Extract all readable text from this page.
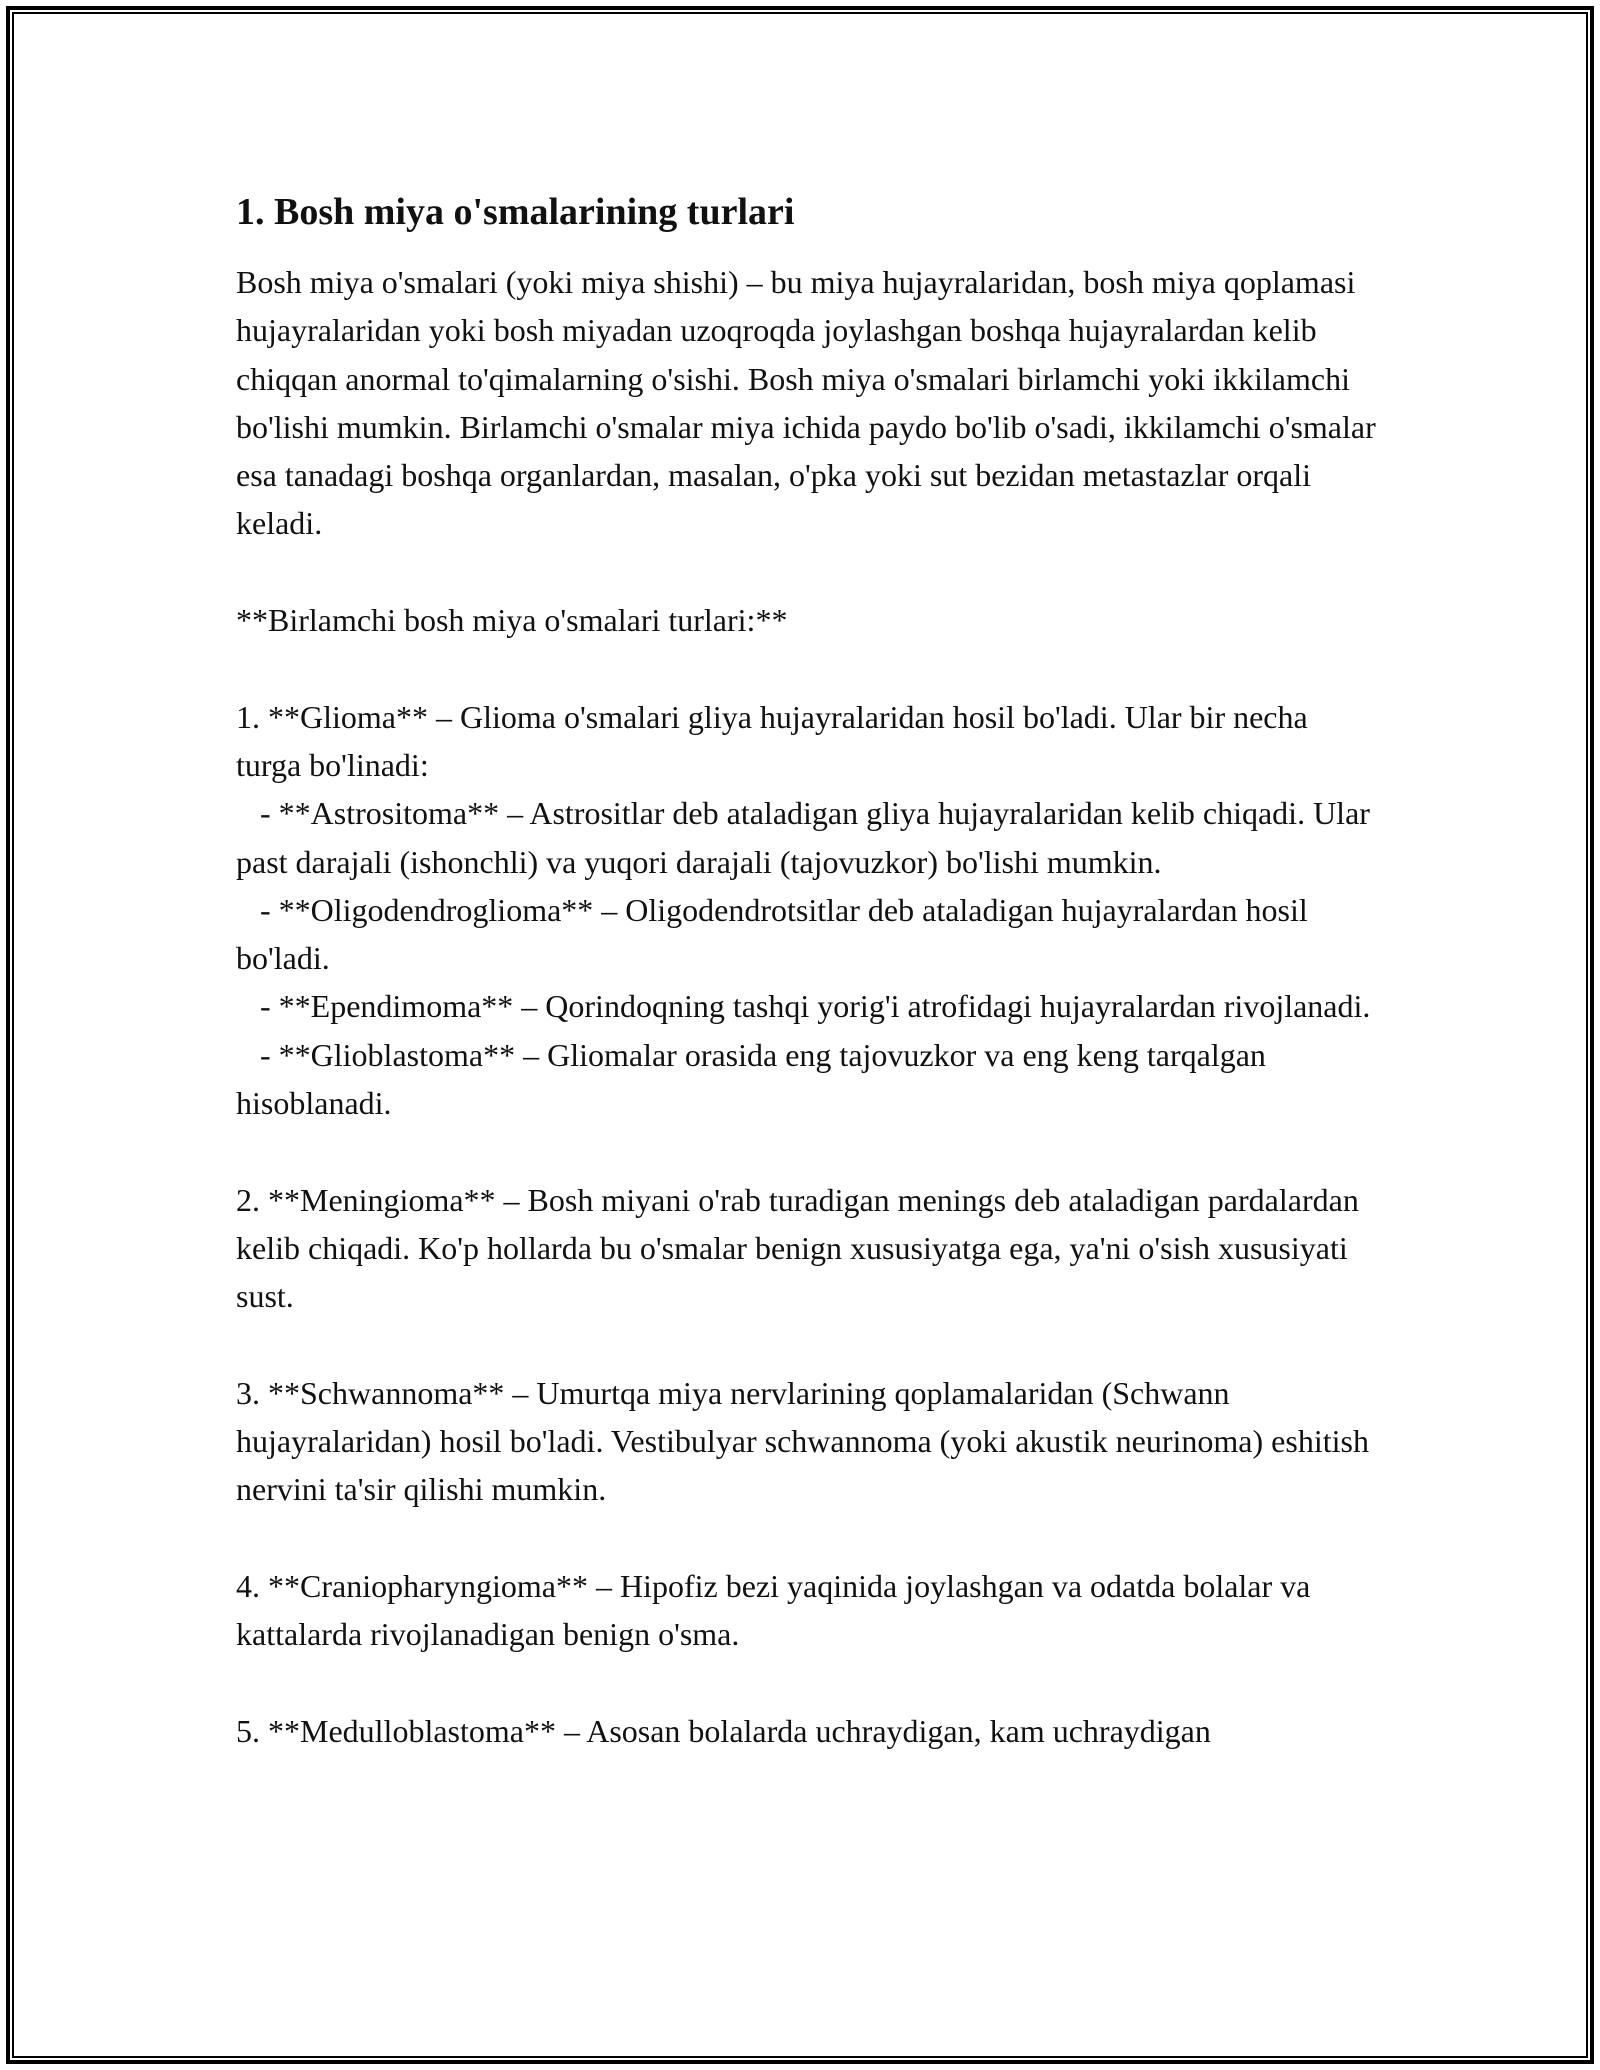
1. Bosh miya o'smalarining turlari

Bosh miya o'smalari (yoki miya shishi) – bu miya hujayralaridan, bosh miya qoplamasi hujayralaridan yoki bosh miyadan uzoqroqda joylashgan boshqa hujayralardan kelib chiqqan anormal to'qimalarning o'sishi. Bosh miya o'smalari birlamchi yoki ikkilamchi bo'lishi mumkin. Birlamchi o'smalar miya ichida paydo bo'lib o'sadi, ikkilamchi o'smalar esa tanadagi boshqa organlardan, masalan, o'pka yoki sut bezidan metastazlar orqali keladi.

**Birlamchi bosh miya o'smalari turlari:**

1. **Glioma** – Glioma o'smalari gliya hujayralaridan hosil bo'ladi. Ular bir necha turga bo'linadi:

- **Astrositoma** – Astrositlar deb ataladigan gliya hujayralaridan kelib chiqadi. Ular past darajali (ishonchli) va yuqori darajali (tajovuzkor) bo'lishi mumkin.

- **Oligodendroglioma** – Oligodendrotsitlar deb ataladigan hujayralardan hosil bo'ladi.

- **Ependimoma** – Qorindoqning tashqi yorig'i atrofidagi hujayralardan rivojlanadi.

- **Glioblastoma** – Gliomalar orasida eng tajovuzkor va eng keng tarqalgan hisoblanadi.

2. **Meningioma** – Bosh miyani o'rab turadigan menings deb ataladigan pardalardan kelib chiqadi. Ko'p hollarda bu o'smalar benign xususiyatga ega, ya'ni o'sish xususiyati sust.

3. **Schwannoma** – Umurtqa miya nervlarining qoplamalaridan (Schwann hujayralaridan) hosil bo'ladi. Vestibulyar schwannoma (yoki akustik neurinoma) eshitish nervini ta'sir qilishi mumkin.

4. **Craniopharyngioma** – Hipofiz bezi yaqinida joylashgan va odatda bolalar va kattalarda rivojlanadigan benign o'sma.

5. **Medulloblastoma** – Asosan bolalarda uchraydigan, kam uchraydigan
